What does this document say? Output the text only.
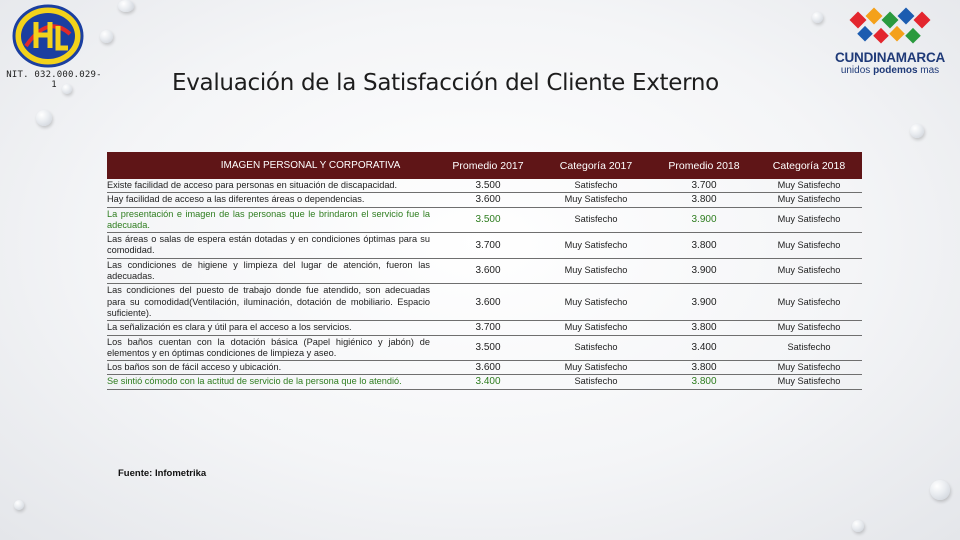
NIT. 032.000.029-1
CUNDINAMARCA
unidos podemos mas
Evaluación de la Satisfacción del Cliente Externo
IMAGEN PERSONAL Y CORPORATIVA	Promedio 2017	Categoría 2017	Promedio 2018	Categoría 2018
Existe facilidad de acceso para personas en situación de discapacidad.	3.500	Satisfecho	3.700	Muy Satisfecho
Hay facilidad de acceso a las diferentes áreas o dependencias.	3.600	Muy Satisfecho	3.800	Muy Satisfecho
La presentación e imagen de las personas que le brindaron el servicio fue la adecuada.	3.500	Satisfecho	3.900	Muy Satisfecho
Las áreas o salas de espera están dotadas y en condiciones óptimas para su comodidad.	3.700	Muy Satisfecho	3.800	Muy Satisfecho
Las condiciones de higiene y limpieza del lugar de atención, fueron las adecuadas.	3.600	Muy Satisfecho	3.900	Muy Satisfecho
Las condiciones del puesto de trabajo donde fue atendido, son adecuadas para su comodidad(Ventilación, iluminación, dotación de mobiliario. Espacio suficiente).	3.600	Muy Satisfecho	3.900	Muy Satisfecho
La señalización es clara y útil para el acceso a los servicios.	3.700	Muy Satisfecho	3.800	Muy Satisfecho
Los baños cuentan con la dotación básica (Papel higiénico y jabón) de elementos y en óptimas condiciones de limpieza y aseo.	3.500	Satisfecho	3.400	Satisfecho
Los baños son de fácil acceso y ubicación.	3.600	Muy Satisfecho	3.800	Muy Satisfecho
Se sintió cómodo con la actitud de servicio de la persona que lo atendió.	3.400	Satisfecho	3.800	Muy Satisfecho
Fuente: Infometrika
